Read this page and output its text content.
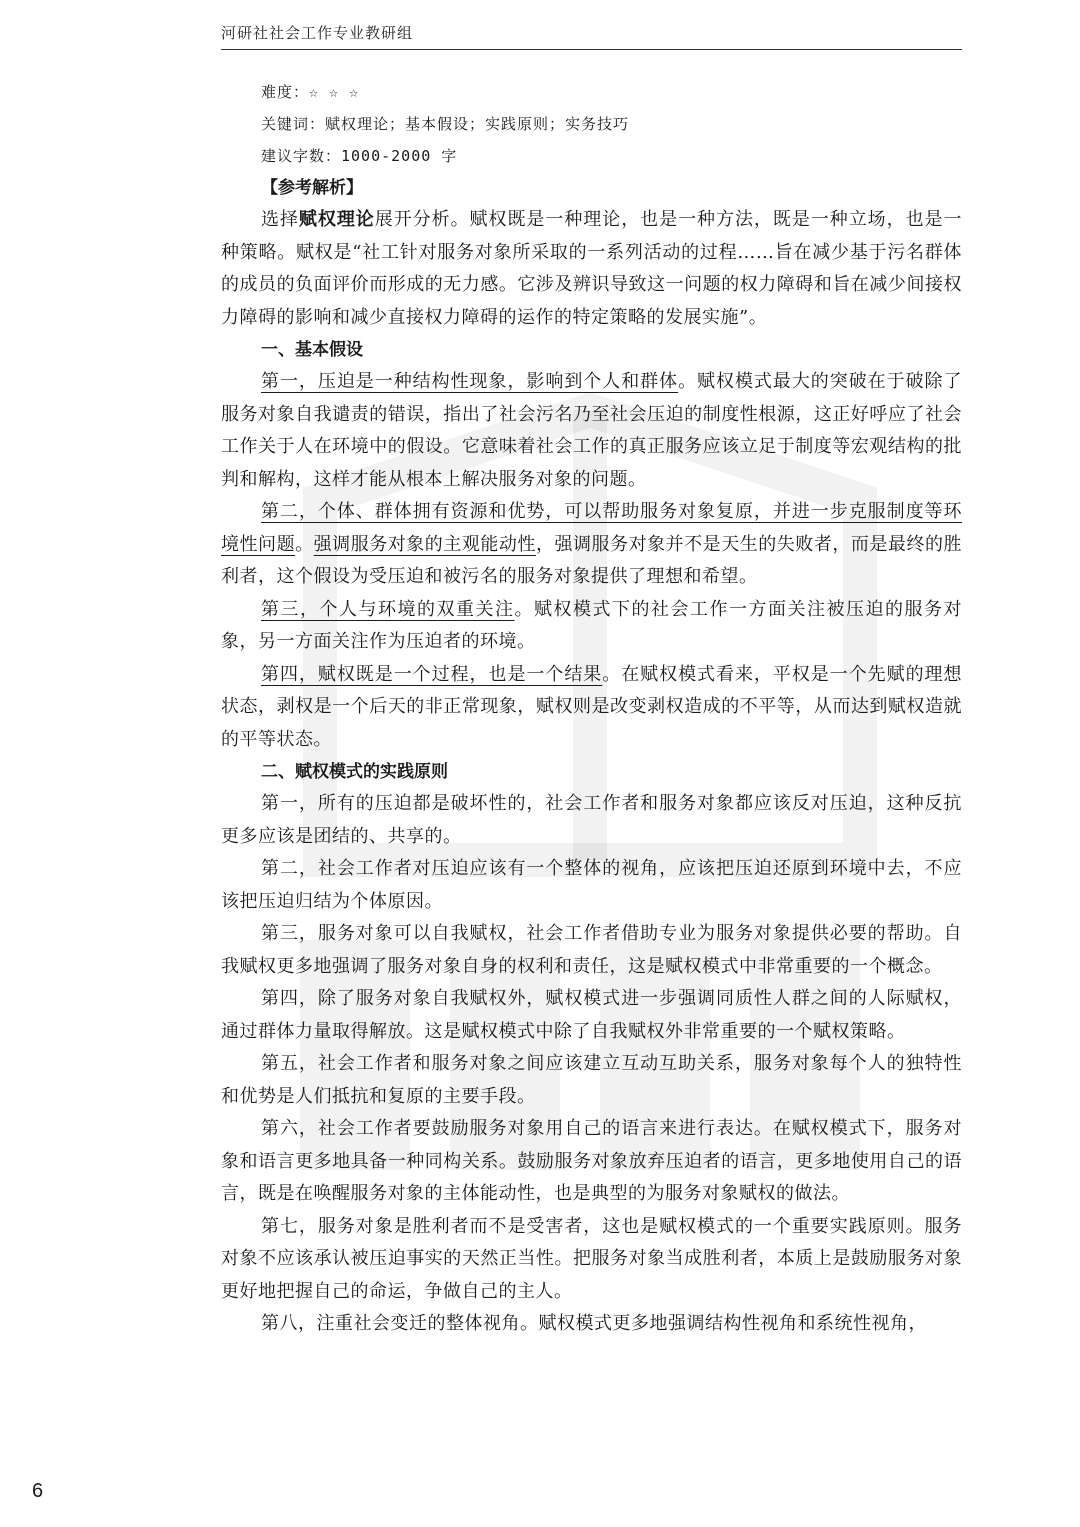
河研社社会工作专业教研组
难度：☆ ☆ ☆
关键词：赋权理论；基本假设；实践原则；实务技巧
建议字数：1000-2000 字
【参考解析】

选择赋权理论展开分析。赋权既是一种理论，也是一种方法，既是一种立场，也是一种策略。赋权是“社工针对服务对象所采取的一系列活动的过程……旨在减少基于污名群体的成员的负面评价而形成的无力感。它涉及辨识导致这一问题的权力障碍和旨在减少间接权力障碍的影响和减少直接权力障碍的运作的特定策略的发展实施”。

一、基本假设

第一，压迫是一种结构性现象，影响到个人和群体。赋权模式最大的突破在于破除了服务对象自我谴责的错误，指出了社会污名乃至社会压迫的制度性根源，这正好呼应了社会工作关于人在环境中的假设。它意味着社会工作的真正服务应该立足于制度等宏观结构的批判和解构，这样才能从根本上解决服务对象的问题。

第二，个体、群体拥有资源和优势，可以帮助服务对象复原，并进一步克服制度等环境性问题。强调服务对象的主观能动性，强调服务对象并不是天生的失败者，而是最终的胜利者，这个假设为受压迫和被污名的服务对象提供了理想和希望。

第三，个人与环境的双重关注。赋权模式下的社会工作一方面关注被压迫的服务对象，另一方面关注作为压迫者的环境。

第四，赋权既是一个过程，也是一个结果。在赋权模式看来，平权是一个先赋的理想状态，剥权是一个后天的非正常现象，赋权则是改变剥权造成的不平等，从而达到赋权造就的平等状态。

二、赋权模式的实践原则

第一，所有的压迫都是破坏性的，社会工作者和服务对象都应该反对压迫，这种反抗更多应该是团结的、共享的。

第二，社会工作者对压迫应该有一个整体的视角，应该把压迫还原到环境中去，不应该把压迫归结为个体原因。

第三，服务对象可以自我赋权，社会工作者借助专业为服务对象提供必要的帮助。自我赋权更多地强调了服务对象自身的权利和责任，这是赋权模式中非常重要的一个概念。

第四，除了服务对象自我赋权外，赋权模式进一步强调同质性人群之间的人际赋权，通过群体力量取得解放。这是赋权模式中除了自我赋权外非常重要的一个赋权策略。

第五，社会工作者和服务对象之间应该建立互动互助关系，服务对象每个人的独特性和优势是人们抵抗和复原的主要手段。

第六，社会工作者要鼓励服务对象用自己的语言来进行表达。在赋权模式下，服务对象和语言更多地具备一种同构关系。鼓励服务对象放弃压迫者的语言，更多地使用自己的语言，既是在唤醒服务对象的主体能动性，也是典型的为服务对象赋权的做法。

第七，服务对象是胜利者而不是受害者，这也是赋权模式的一个重要实践原则。服务对象不应该承认被压迫事实的天然正当性。把服务对象当成胜利者，本质上是鼓励服务对象更好地把握自己的命运，争做自己的主人。

第八，注重社会变迁的整体视角。赋权模式更多地强调结构性视角和系统性视角，

6
